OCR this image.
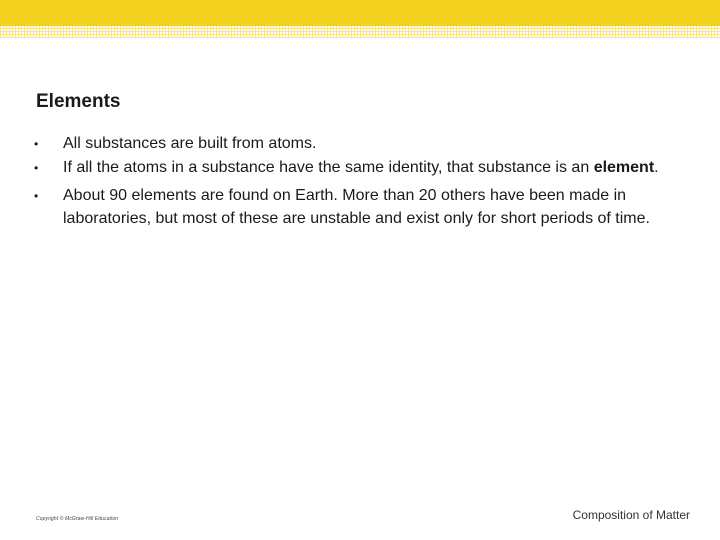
Elements
• All substances are built from atoms.
• If all the atoms in a substance have the same identity, that substance is an element.
• About 90 elements are found on Earth. More than 20 others have been made in laboratories, but most of these are unstable and exist only for short periods of time.
Copyright © McGraw-Hill Education	Composition of Matter
